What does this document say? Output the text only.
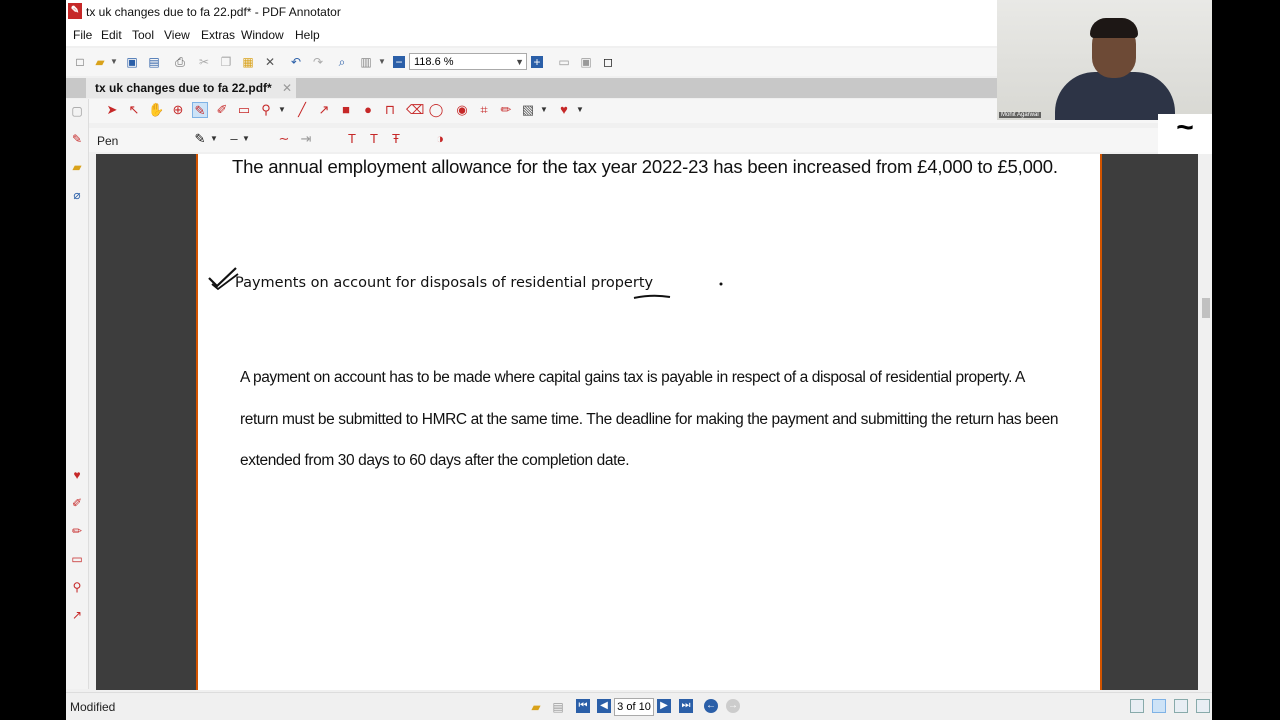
✎ tx uk changes due to fa 22.pdf* - PDF Annotator
File Edit Tool View Extras Window Help
□ ▰ ▼ ▣ ▤ ⎙ ✂ ❐ ▦ ✕ ↶ ↷	⌕	▥ ▼ −	+ ▭ ▣ ◻
118.6 %	▼
tx uk changes due to fa 22.pdf* ✕
➤ ↖ ✋ ⊕ ✎ ✐ ▭ ⚲ ▼ ╱ ↗ ■	●	⊓ ⌫ ◯ ◉ ⌗ ✏ ▧ ▼ ♥	▼
Pen	✎ ▼ – ▼	∼ ⇥	T	T	Ŧ	◑
▢
✎
▰
⌀
♥
✐
✏
▭
⚲
↗
The annual employment allowance for the tax year 2022-23 has been increased from £4,000 to £5,000.
Payments on account for disposals of residential property
A payment on account has to be made where capital gains tax is payable in respect of a disposal of residential property. A
return must be submitted to HMRC at the same time. The deadline for making the payment and submitting the return has been
extended from 30 days to 60 days after the completion date.
Modified	▰ ▤ ⏮	◀ 3 of 10 ▶	⏭ ← →
Mohit Agarwal	~
